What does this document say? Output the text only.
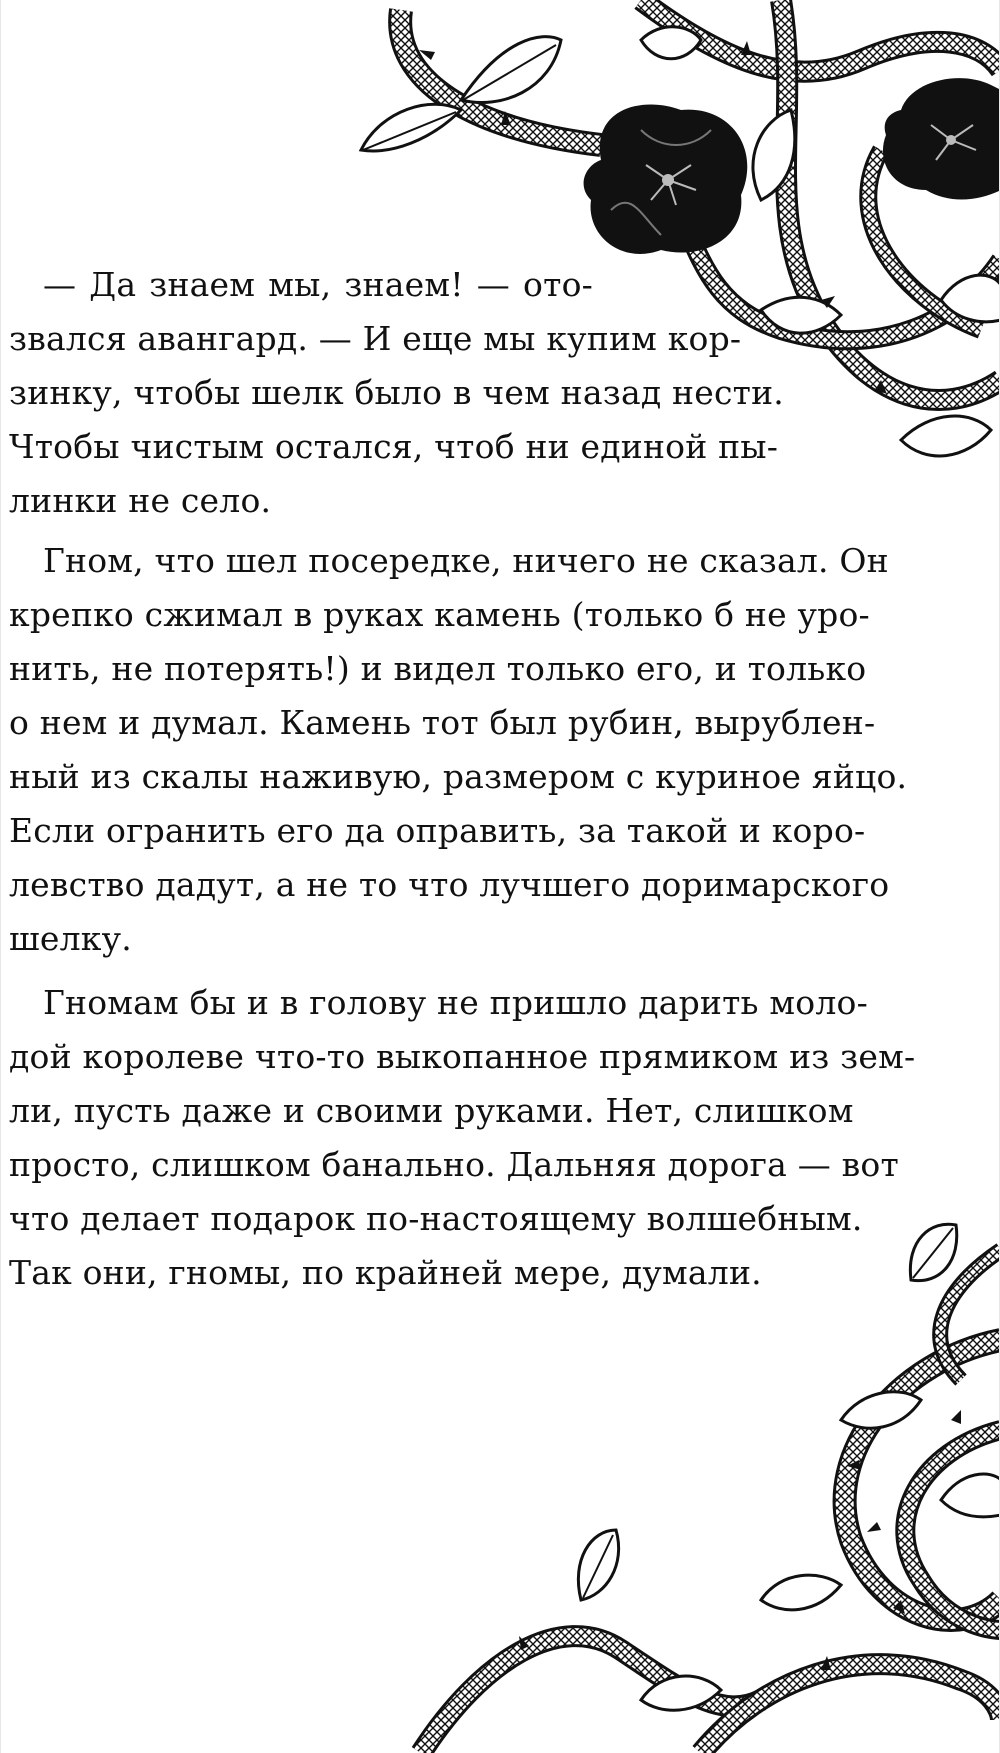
— Да знаем мы, знаем! — ото-
звался авангард. — И еще мы купим кор-
зинку, чтобы шелк было в чем назад нести.
Чтобы чистым остался, чтоб ни единой пы-
линки не село.
Гном, что шел посередке, ничего не сказал. Он
крепко сжимал в руках камень (только б не уро-
нить, не потерять!) и видел только его, и только
о нем и думал. Камень тот был рубин, вырублен-
ный из скалы наживую, размером с куриное яйцо.
Если огранить его да оправить, за такой и коро-
левство дадут, а не то что лучшего доримарского
шелку.
Гномам бы и в голову не пришло дарить моло-
дой королеве что-то выкопанное прямиком из зем-
ли, пусть даже и своими руками. Нет, слишком
просто, слишком банально. Дальняя дорога — вот
что делает подарок по-настоящему волшебным.
Так они, гномы, по крайней мере, думали.
